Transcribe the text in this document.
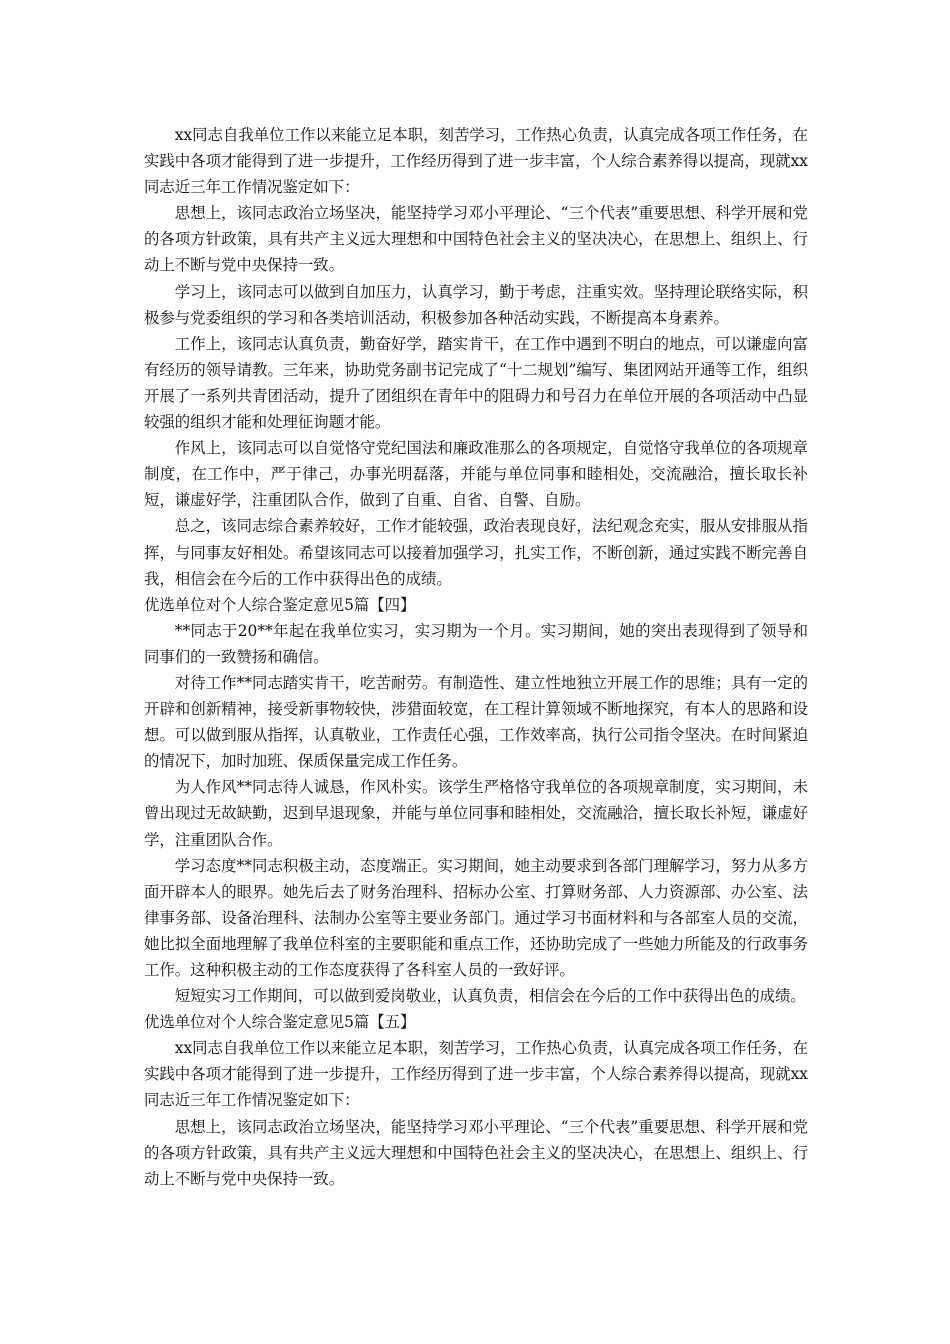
xx同志自我单位工作以来能立足本职，刻苦学习，工作热心负责，认真完成各项工作任务，在实践中各项才能得到了进一步提升，工作经历得到了进一步丰富，个人综合素养得以提高，现就xx同志近三年工作情况鉴定如下：

思想上，该同志政治立场坚决，能坚持学习邓小平理论、“三个代表”重要思想、科学开展和党的各项方针政策，具有共产主义远大理想和中国特色社会主义的坚决决心，在思想上、组织上、行动上不断与党中央保持一致。

学习上，该同志可以做到自加压力，认真学习，勤于考虑，注重实效。坚持理论联络实际，积极参与党委组织的学习和各类培训活动，积极参加各种活动实践，不断提高本身素养。

工作上，该同志认真负责，勤奋好学，踏实肯干，在工作中遇到不明白的地点，可以谦虚向富有经历的领导请教。三年来，协助党务副书记完成了“十二规划”编写、集团网站开通等工作，组织开展了一系列共青团活动，提升了团组织在青年中的阻碍力和号召力在单位开展的各项活动中凸显较强的组织才能和处理征询题才能。

作风上，该同志可以自觉恪守党纪国法和廉政准那么的各项规定，自觉恪守我单位的各项规章制度，在工作中，严于律己，办事光明磊落，并能与单位同事和睦相处，交流融洽，擅长取长补短，谦虚好学，注重团队合作，做到了自重、自省、自警、自励。

总之，该同志综合素养较好，工作才能较强，政治表现良好，法纪观念充实，服从安排服从指挥，与同事友好相处。希望该同志可以接着加强学习，扎实工作，不断创新，通过实践不断完善自我，相信会在今后的工作中获得出色的成绩。

优选单位对个人综合鉴定意见5篇【四】

**同志于20**年起在我单位实习，实习期为一个月。实习期间，她的突出表现得到了领导和同事们的一致赞扬和确信。

对待工作**同志踏实肯干，吃苦耐劳。有制造性、建立性地独立开展工作的思维；具有一定的开辟和创新精神，接受新事物较快，涉猎面较宽，在工程计算领域不断地探究，有本人的思路和设想。可以做到服从指挥，认真敬业，工作责任心强，工作效率高，执行公司指令坚决。在时间紧迫的情况下，加时加班、保质保量完成工作任务。

为人作风**同志待人诚恳，作风朴实。该学生严格恪守我单位的各项规章制度，实习期间，未曾出现过无故缺勤，迟到早退现象，并能与单位同事和睦相处，交流融洽，擅长取长补短，谦虚好学，注重团队合作。

学习态度**同志积极主动，态度端正。实习期间，她主动要求到各部门理解学习，努力从多方面开辟本人的眼界。她先后去了财务治理科、招标办公室、打算财务部、人力资源部、办公室、法律事务部、设备治理科、法制办公室等主要业务部门。通过学习书面材料和与各部室人员的交流，她比拟全面地理解了我单位科室的主要职能和重点工作，还协助完成了一些她力所能及的行政事务工作。这种积极主动的工作态度获得了各科室人员的一致好评。

短短实习工作期间，可以做到爱岗敬业，认真负责，相信会在今后的工作中获得出色的成绩。

优选单位对个人综合鉴定意见5篇【五】

xx同志自我单位工作以来能立足本职，刻苦学习，工作热心负责，认真完成各项工作任务，在实践中各项才能得到了进一步提升，工作经历得到了进一步丰富，个人综合素养得以提高，现就xx同志近三年工作情况鉴定如下：

思想上，该同志政治立场坚决，能坚持学习邓小平理论、“三个代表”重要思想、科学开展和党的各项方针政策，具有共产主义远大理想和中国特色社会主义的坚决决心，在思想上、组织上、行动上不断与党中央保持一致。
